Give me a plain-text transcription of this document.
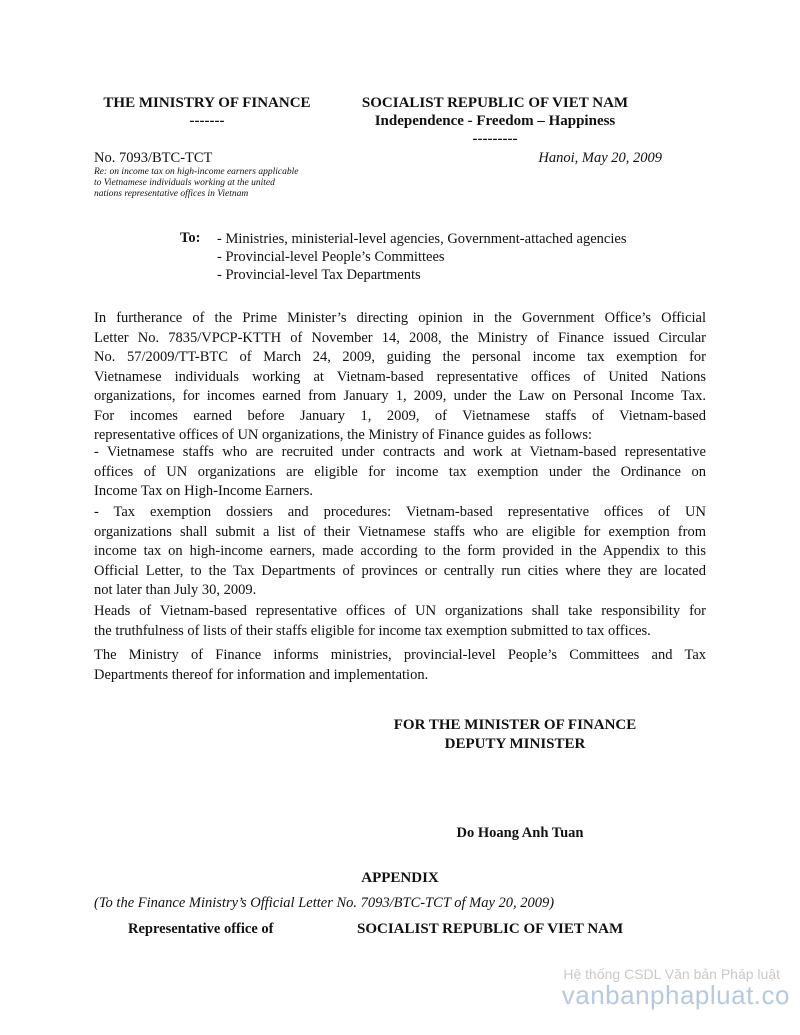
THE MINISTRY OF FINANCE
-------
SOCIALIST REPUBLIC OF VIET NAM
Independence - Freedom – Happiness
---------
No. 7093/BTC-TCT	Hanoi, May 20, 2009
Re: on income tax on high-income earners applicable
to Vietnamese individuals working at the united
nations representative offices in Vietnam
To: - Ministries, ministerial-level agencies, Government-attached agencies
- Provincial-level People’s Committees
- Provincial-level Tax Departments
In furtherance of the Prime Minister’s directing opinion in the Government Office’s Official
Letter No. 7835/VPCP-KTTH of November 14, 2008, the Ministry of Finance issued Circular
No. 57/2009/TT-BTC of March 24, 2009, guiding the personal income tax exemption for
Vietnamese individuals working at Vietnam-based representative offices of United Nations
organizations, for incomes earned from January 1, 2009, under the Law on Personal Income Tax.
For incomes earned before January 1, 2009, of Vietnamese staffs of Vietnam-based
representative offices of UN organizations, the Ministry of Finance guides as follows:
- Vietnamese staffs who are recruited under contracts and work at Vietnam-based representative
offices of UN organizations are eligible for income tax exemption under the Ordinance on
Income Tax on High-Income Earners.
- Tax exemption dossiers and procedures: Vietnam-based representative offices of UN
organizations shall submit a list of their Vietnamese staffs who are eligible for exemption from
income tax on high-income earners, made according to the form provided in the Appendix to this
Official Letter, to the Tax Departments of provinces or centrally run cities where they are located
not later than July 30, 2009.
Heads of Vietnam-based representative offices of UN organizations shall take responsibility for
the truthfulness of lists of their staffs eligible for income tax exemption submitted to tax offices.
The Ministry of Finance informs ministries, provincial-level People’s Committees and Tax
Departments thereof for information and implementation.
FOR THE MINISTER OF FINANCE
DEPUTY MINISTER
Do Hoang Anh Tuan
APPENDIX
(To the Finance Ministry’s Official Letter No. 7093/BTC-TCT of May 20, 2009)
Representative office of	SOCIALIST REPUBLIC OF VIET NAM
Hệ thống CSDL Văn bản Pháp luật
vanbanphapluat.co
